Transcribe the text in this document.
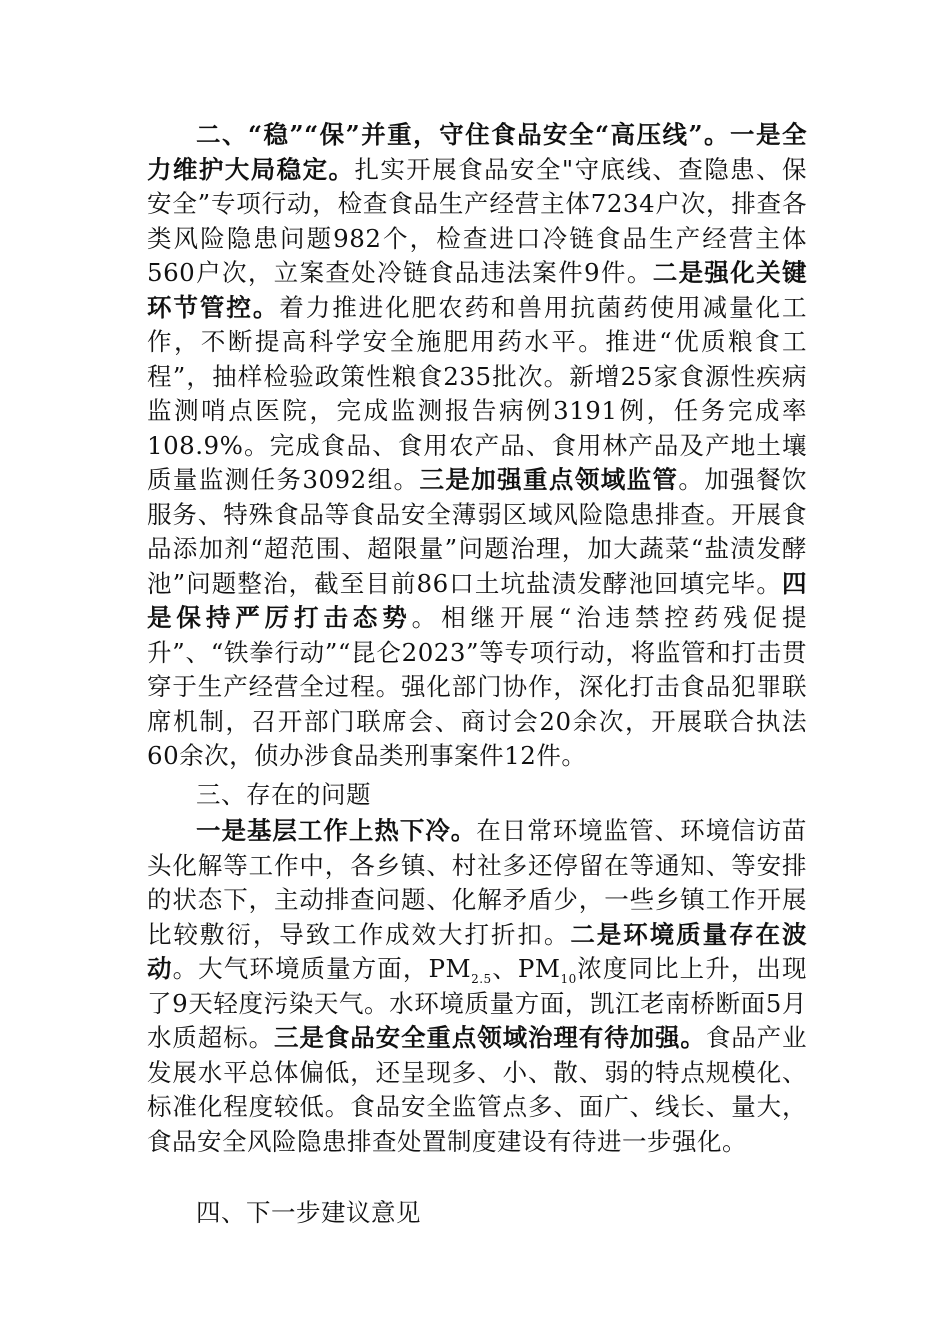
二、“稳”“保”并重，守住食品安全“高压线”。一是全力维护大局稳定。扎实开展食品安全"守底线、查隐患、保安全”专项行动，检查食品生产经营主体7234户次，排查各类风险隐患问题982个，检查进口冷链食品生产经营主体560户次，立案查处冷链食品违法案件9件。二是强化关键环节管控。着力推进化肥农药和兽用抗菌药使用减量化工作，不断提高科学安全施肥用药水平。推进“优质粮食工程”，抽样检验政策性粮食235批次。新增25家食源性疾病监测哨点医院，完成监测报告病例3191例，任务完成率108.9%。完成食品、食用农产品、食用林产品及产地土壤质量监测任务3092组。三是加强重点领域监管。加强餐饮服务、特殊食品等食品安全薄弱区域风险隐患排查。开展食品添加剂“超范围、超限量”问题治理，加大蔬菜“盐渍发酵池”问题整治，截至目前86口土坑盐渍发酵池回填完毕。四是保持严厉打击态势。相继开展“治违禁控药残促提升”、“铁拳行动”“昆仑2023”等专项行动，将监管和打击贯穿于生产经营全过程。强化部门协作，深化打击食品犯罪联席机制，召开部门联席会、商讨会20余次，开展联合执法60余次，侦办涉食品类刑事案件12件。
三、存在的问题
一是基层工作上热下冷。在日常环境监管、环境信访苗头化解等工作中，各乡镇、村社多还停留在等通知、等安排的状态下，主动排查问题、化解矛盾少，一些乡镇工作开展比较敷衍，导致工作成效大打折扣。二是环境质量存在波动。大气环境质量方面，$PM_{2.5}$、$PM_{10}$浓度同比上升，出现了9天轻度污染天气。水环境质量方面，凯江老南桥断面5月水质超标。三是食品安全重点领域治理有待加强。食品产业发展水平总体偏低，还呈现多、小、散、弱的特点规模化、标准化程度较低。食品安全监管点多、面广、线长、量大，食品安全风险隐患排查处置制度建设有待进一步强化。
四、下一步建议意见
